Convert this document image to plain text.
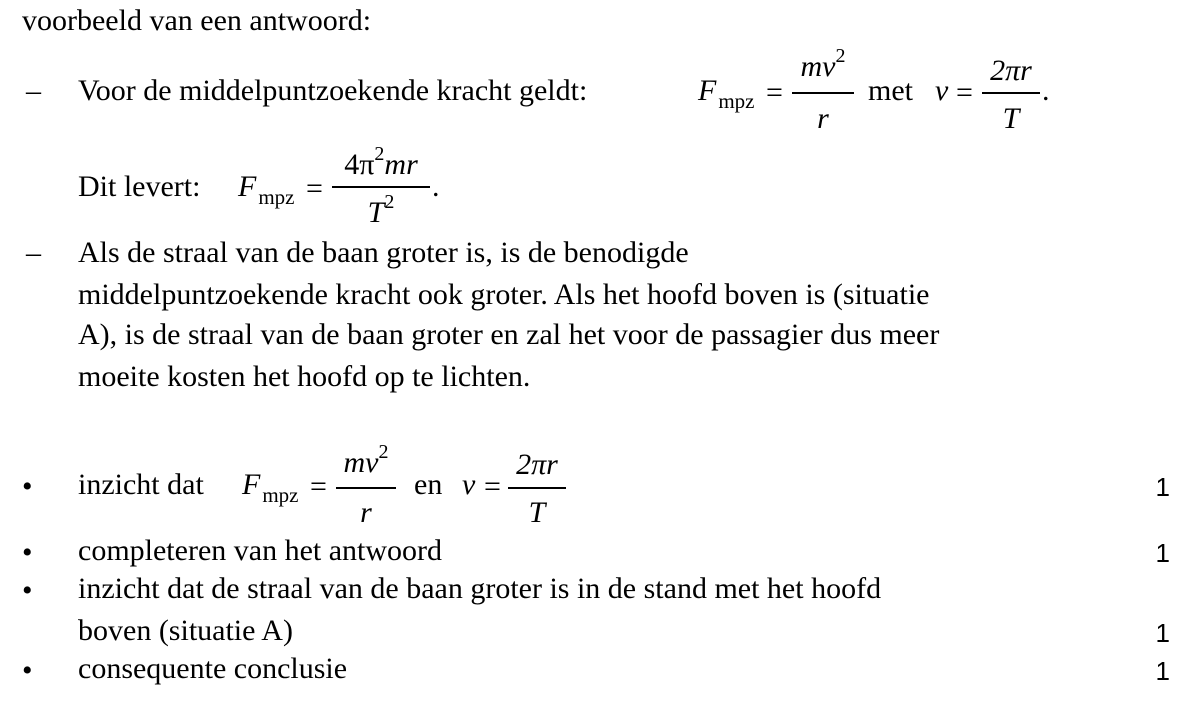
voorbeeld van een antwoord:
– Voor de middelpuntzoekende kracht geldt:	$F_{mpz}$ =
$mv^2$
r
met v =
2πr
T
.
Dit levert: $F_{mpz}$ =
$4\pi^2mr$
$T^2$	.
– Als de straal van de baan groter is, is de benodigde
middelpuntzoekende kracht ook groter. Als het hoofd boven is (situatie
A), is de straal van de baan groter en zal het voor de passagier dus meer
moeite kosten het hoofd op te lichten.
• inzicht dat $F_{mpz}$ =
$mv^2$
r
en v =
2πr
T
1
• completeren van het antwoord	1
• inzicht dat de straal van de baan groter is in de stand met het hoofd
boven (situatie A)	1
• consequente conclusie	1
